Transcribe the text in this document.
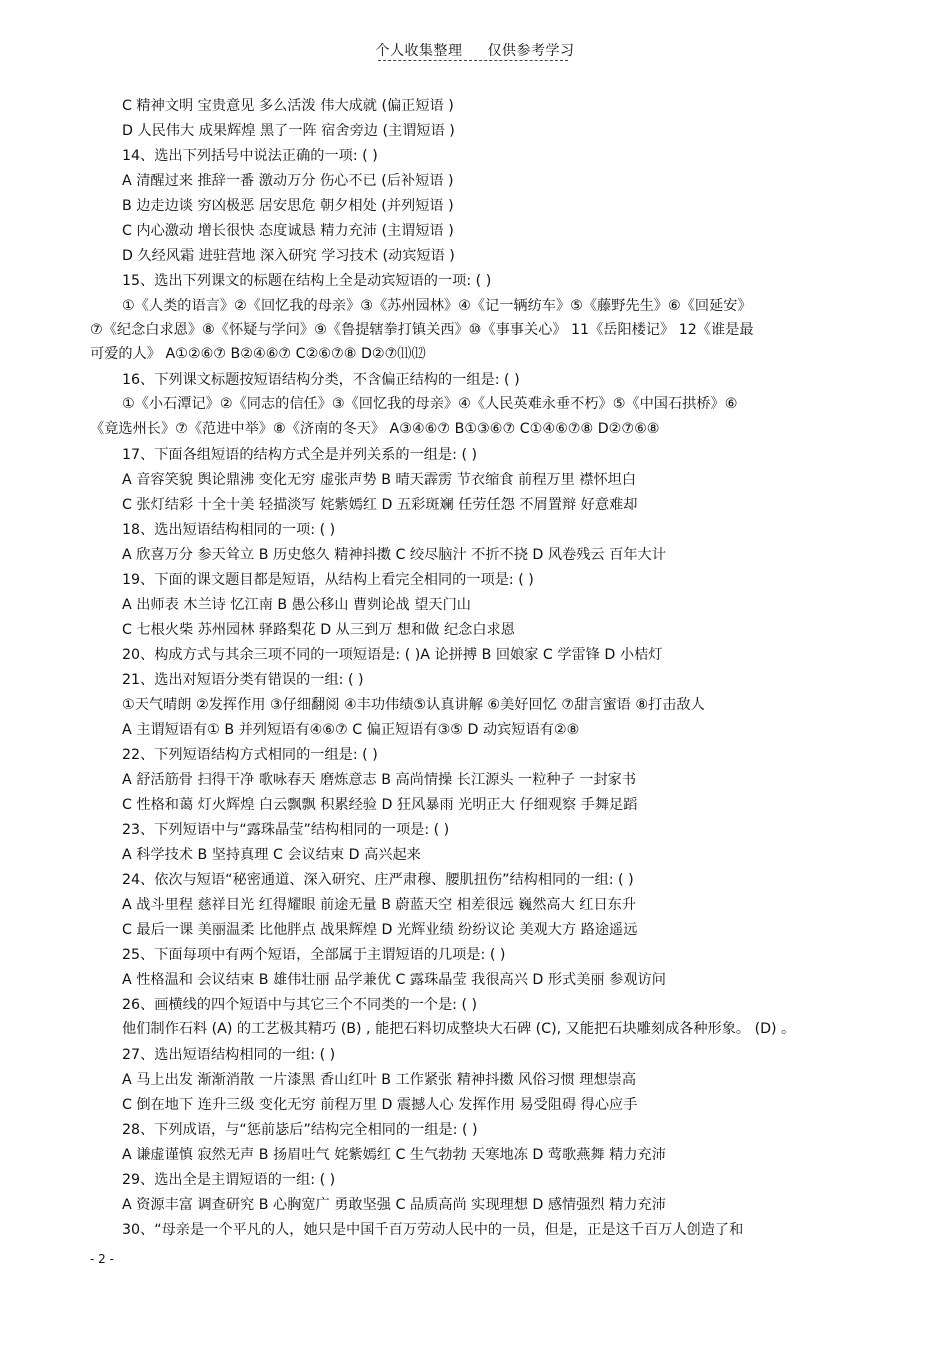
个人收集整理 仅供参考学习
C 精神文明 宝贵意见 多么活泼 伟大成就 (偏正短语 )
D 人民伟大 成果辉煌 黑了一阵 宿舍旁边 (主谓短语 )
14、选出下列括号中说法正确的一项: ( )
A 清醒过来 推辞一番 激动万分 伤心不已 (后补短语 )
B 边走边谈 穷凶极恶 居安思危 朝夕相处 (并列短语 )
C 内心激动 增长很快 态度诚恳 精力充沛 (主谓短语 )
D 久经风霜 进驻营地 深入研究 学习技术 (动宾短语 )
15、选出下列课文的标题在结构上全是动宾短语的一项: ( )
①《人类的语言》②《回忆我的母亲》③《苏州园林》④《记一辆纺车》⑤《藤野先生》⑥《回延安》
⑦《纪念白求恩》⑧《怀疑与学问》⑨《鲁提辖拳打镇关西》⑩《事事关心》 11《岳阳楼记》 12《谁是最
可爱的人》 A①②⑥⑦ B②④⑥⑦ C②⑥⑦⑧ D②⑦⑾⑿
16、下列课文标题按短语结构分类，不含偏正结构的一组是: ( )
①《小石潭记》②《同志的信任》③《回忆我的母亲》④《人民英难永垂不朽》⑤《中国石拱桥》⑥
《竟选州长》⑦《范进中举》⑧《济南的冬天》 A③④⑥⑦ B①③⑥⑦ C①④⑥⑦⑧ D②⑦⑥⑧
17、下面各组短语的结构方式全是并列关系的一组是: ( )
A 音容笑貌 舆论鼎沸 变化无穷 虚张声势 B 晴天霹雳 节衣缩食 前程万里 襟怀坦白
C 张灯结彩 十全十美 轻描淡写 姹紫嫣红 D 五彩斑斓 任劳任怨 不屑置辩 好意难却
18、选出短语结构相同的一项: ( )
A 欣喜万分 参天耸立 B 历史悠久 精神抖擞 C 绞尽脑汁 不折不挠 D 风卷残云 百年大计
19、下面的课文题目都是短语，从结构上看完全相同的一项是: ( )
A 出师表 木兰诗 忆江南 B 愚公移山 曹刿论战 望天门山
C 七根火柴 苏州园林 驿路梨花 D 从三到万 想和做 纪念白求恩
20、构成方式与其余三项不同的一项短语是: ( )A 论拼搏 B 回娘家 C 学雷锋 D 小桔灯
21、选出对短语分类有错误的一组: ( )
①天气晴朗 ②发挥作用 ③仔细翻阅 ④丰功伟绩⑤认真讲解 ⑥美好回忆 ⑦甜言蜜语 ⑧打击敌人
A 主谓短语有① B 并列短语有④⑥⑦ C 偏正短语有③⑤ D 动宾短语有②⑧
22、下列短语结构方式相同的一组是: ( )
A 舒活筋骨 扫得干净 歌咏春天 磨炼意志 B 高尚情操 长江源头 一粒种子 一封家书
C 性格和蔼 灯火辉煌 白云飘飘 积累经验 D 狂风暴雨 光明正大 仔细观察 手舞足蹈
23、下列短语中与“露珠晶莹”结构相同的一项是: ( )
A 科学技术 B 坚持真理 C 会议结束 D 高兴起来
24、依次与短语“秘密通道、深入研究、庄严肃穆、腰肌扭伤”结构相同的一组: ( )
A 战斗里程 慈祥目光 红得耀眼 前途无量 B 蔚蓝天空 相差很远 巍然高大 红日东升
C 最后一课 美丽温柔 比他胖点 战果辉煌 D 光辉业绩 纷纷议论 美观大方 路途遥远
25、下面每项中有两个短语，全部属于主谓短语的几项是: ( )
A 性格温和 会议结束 B 雄伟壮丽 品学兼优 C 露珠晶莹 我很高兴 D 形式美丽 参观访问
26、画横线的四个短语中与其它三个不同类的一个是: ( )
他们制作石料 (A) 的工艺极其精巧 (B) , 能把石料切成整块大石碑 (C), 又能把石块雕刻成各种形象。 (D) 。
27、选出短语结构相同的一组: ( )
A 马上出发 渐渐消散 一片漆黑 香山红叶 B 工作紧张 精神抖擞 风俗习惯 理想崇高
C 倒在地下 连升三级 变化无穷 前程万里 D 震撼人心 发挥作用 易受阻碍 得心应手
28、下列成语，与“惩前毖后”结构完全相同的一组是: ( )
A 谦虚谨慎 寂然无声 B 扬眉吐气 姹紫嫣红 C 生气勃勃 天寒地冻 D 莺歌燕舞 精力充沛
29、选出全是主谓短语的一组: ( )
A 资源丰富 调查研究 B 心胸宽广 勇敢坚强 C 品质高尚 实现理想 D 感情强烈 精力充沛
30、“母亲是一个平凡的人，她只是中国千百万劳动人民中的一员，但是，正是这千百万人创造了和
- 2 -
